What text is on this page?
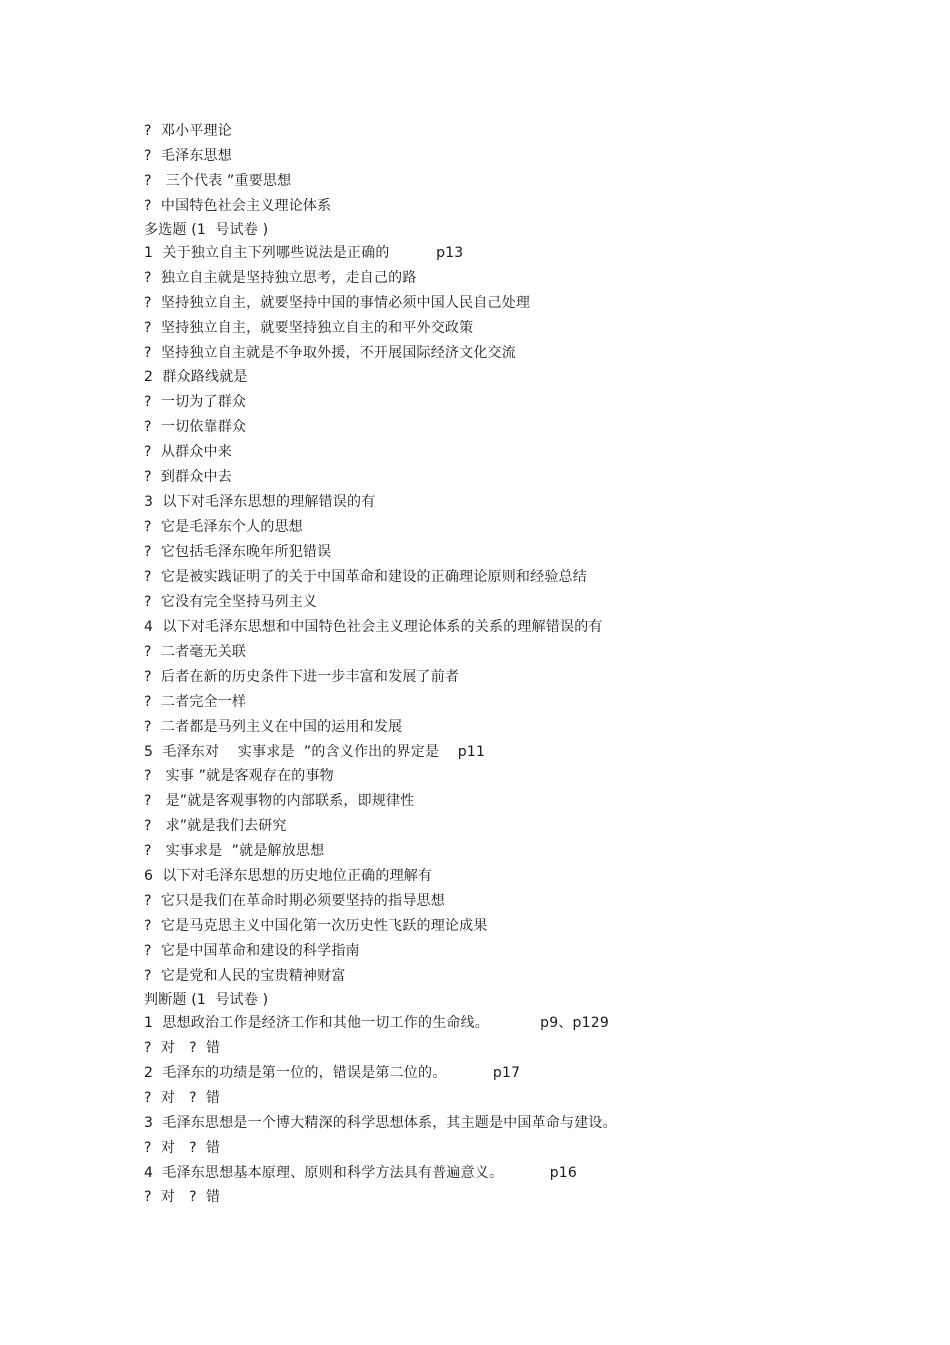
?  邓小平理论
?  毛泽东思想
?   三个代表 ”重要思想
?  中国特色社会主义理论体系
多选题 (1  号试卷 )
1  关于独立自主下列哪些说法是正确的          p13
?  独立自主就是坚持独立思考，走自己的路
?  坚持独立自主，就要坚持中国的事情必须中国人民自己处理
?  坚持独立自主，就要坚持独立自主的和平外交政策
?  坚持独立自主就是不争取外援，不开展国际经济文化交流
2  群众路线就是
?  一切为了群众
?  一切依靠群众
?  从群众中来
?  到群众中去
3  以下对毛泽东思想的理解错误的有
?  它是毛泽东个人的思想
?  它包括毛泽东晚年所犯错误
?  它是被实践证明了的关于中国革命和建设的正确理论原则和经验总结
?  它没有完全坚持马列主义
4  以下对毛泽东思想和中国特色社会主义理论体系的关系的理解错误的有
?  二者毫无关联
?  后者在新的历史条件下进一步丰富和发展了前者
?  二者完全一样
?  二者都是马列主义在中国的运用和发展
5  毛泽东对    实事求是  ”的含义作出的界定是    p11
?   实事 ”就是客观存在的事物
?   是”就是客观事物的内部联系，即规律性
?   求”就是我们去研究
?   实事求是  ”就是解放思想
6  以下对毛泽东思想的历史地位正确的理解有
?  它只是我们在革命时期必须要坚持的指导思想
?  它是马克思主义中国化第一次历史性飞跃的理论成果
?  它是中国革命和建设的科学指南
?  它是党和人民的宝贵精神财富
判断题 (1  号试卷 )
1  思想政治工作是经济工作和其他一切工作的生命线。           p9、p129
?  对   ?  错
2  毛泽东的功绩是第一位的，错误是第二位的。          p17
?  对   ?  错
3  毛泽东思想是一个博大精深的科学思想体系，其主题是中国革命与建设。
?  对   ?  错
4  毛泽东思想基本原理、原则和科学方法具有普遍意义。          p16
?  对   ?  错
